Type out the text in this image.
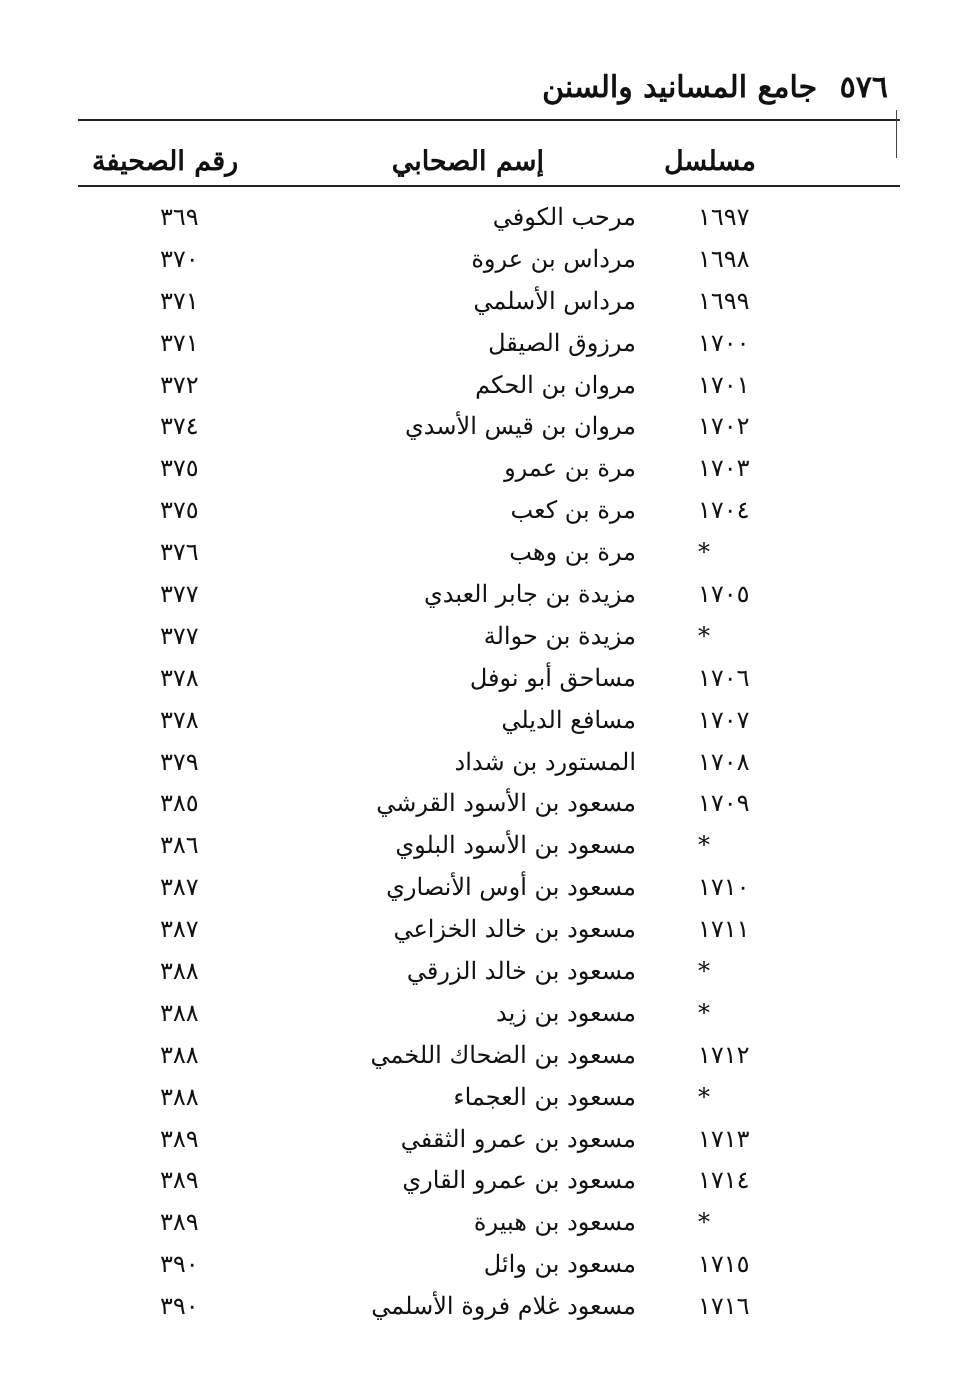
٥٧٦ جامع المسانيد والسنن
مسلسل
إسم الصحابي
رقم الصحيفة
١٦٩٧
مرحب الكوفي
٣٦٩
١٦٩٨
مرداس بن عروة
٣٧٠
١٦٩٩
مرداس الأسلمي
٣٧١
١٧٠٠
مرزوق الصيقل
٣٧١
١٧٠١
مروان بن الحكم
٣٧٢
١٧٠٢
مروان بن قيس الأسدي
٣٧٤
١٧٠٣
مرة بن عمرو
٣٧٥
١٧٠٤
مرة بن كعب
٣٧٥
*
مرة بن وهب
٣٧٦
١٧٠٥
مزيدة بن جابر العبدي
٣٧٧
*
مزيدة بن حوالة
٣٧٧
١٧٠٦
مساحق أبو نوفل
٣٧٨
١٧٠٧
مسافع الديلي
٣٧٨
١٧٠٨
المستورد بن شداد
٣٧٩
١٧٠٩
مسعود بن الأسود القرشي
٣٨٥
*
مسعود بن الأسود البلوي
٣٨٦
١٧١٠
مسعود بن أوس الأنصاري
٣٨٧
١٧١١
مسعود بن خالد الخزاعي
٣٨٧
*
مسعود بن خالد الزرقي
٣٨٨
*
مسعود بن زيد
٣٨٨
١٧١٢
مسعود بن الضحاك اللخمي
٣٨٨
*
مسعود بن العجماء
٣٨٨
١٧١٣
مسعود بن عمرو الثقفي
٣٨٩
١٧١٤
مسعود بن عمرو القاري
٣٨٩
*
مسعود بن هبيرة
٣٨٩
١٧١٥
مسعود بن وائل
٣٩٠
١٧١٦
مسعود غلام فروة الأسلمي
٣٩٠
